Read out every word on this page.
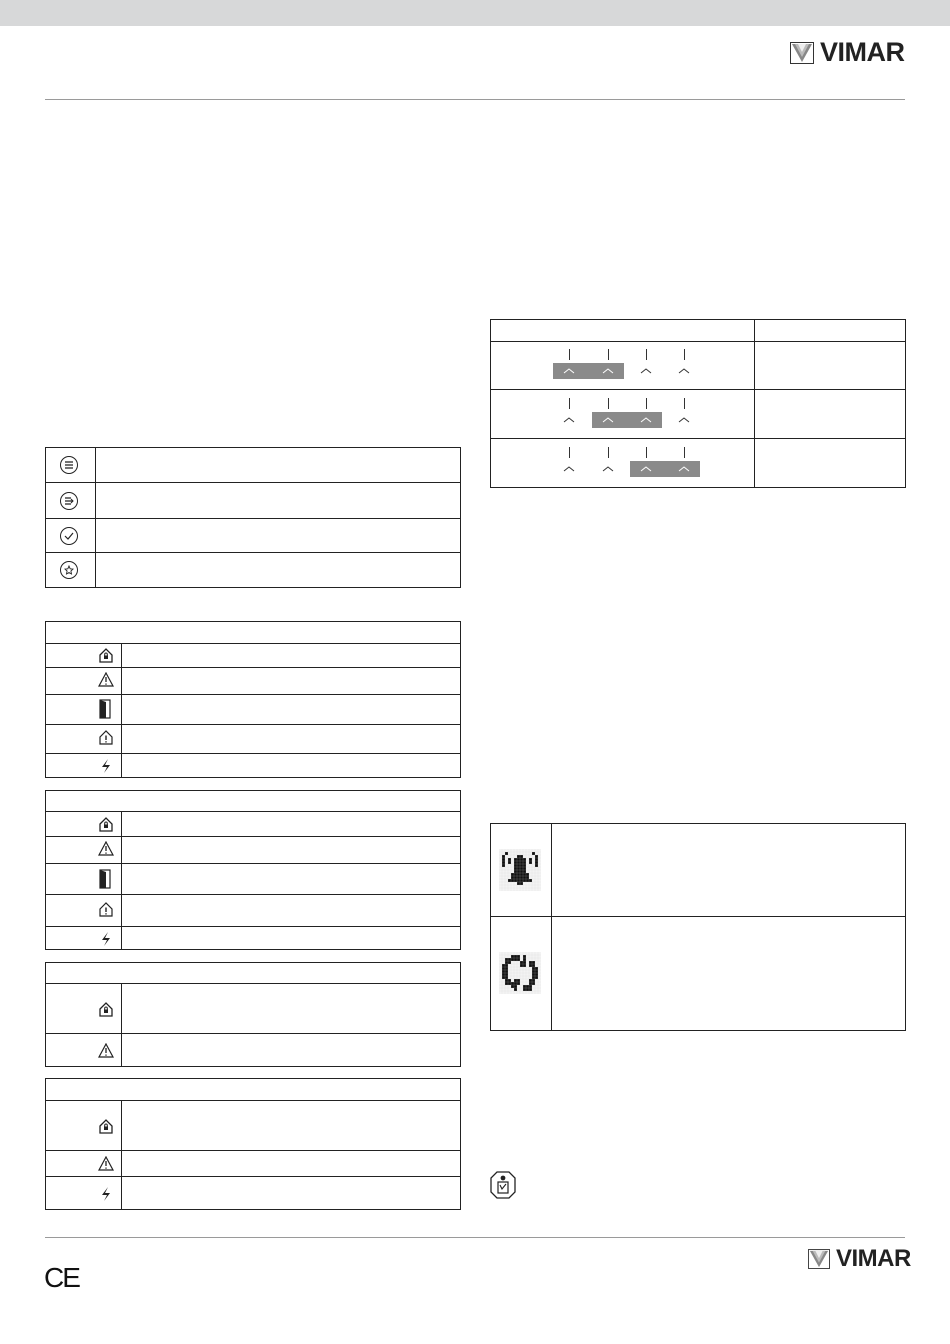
VIMAR
CE
VIMAR
